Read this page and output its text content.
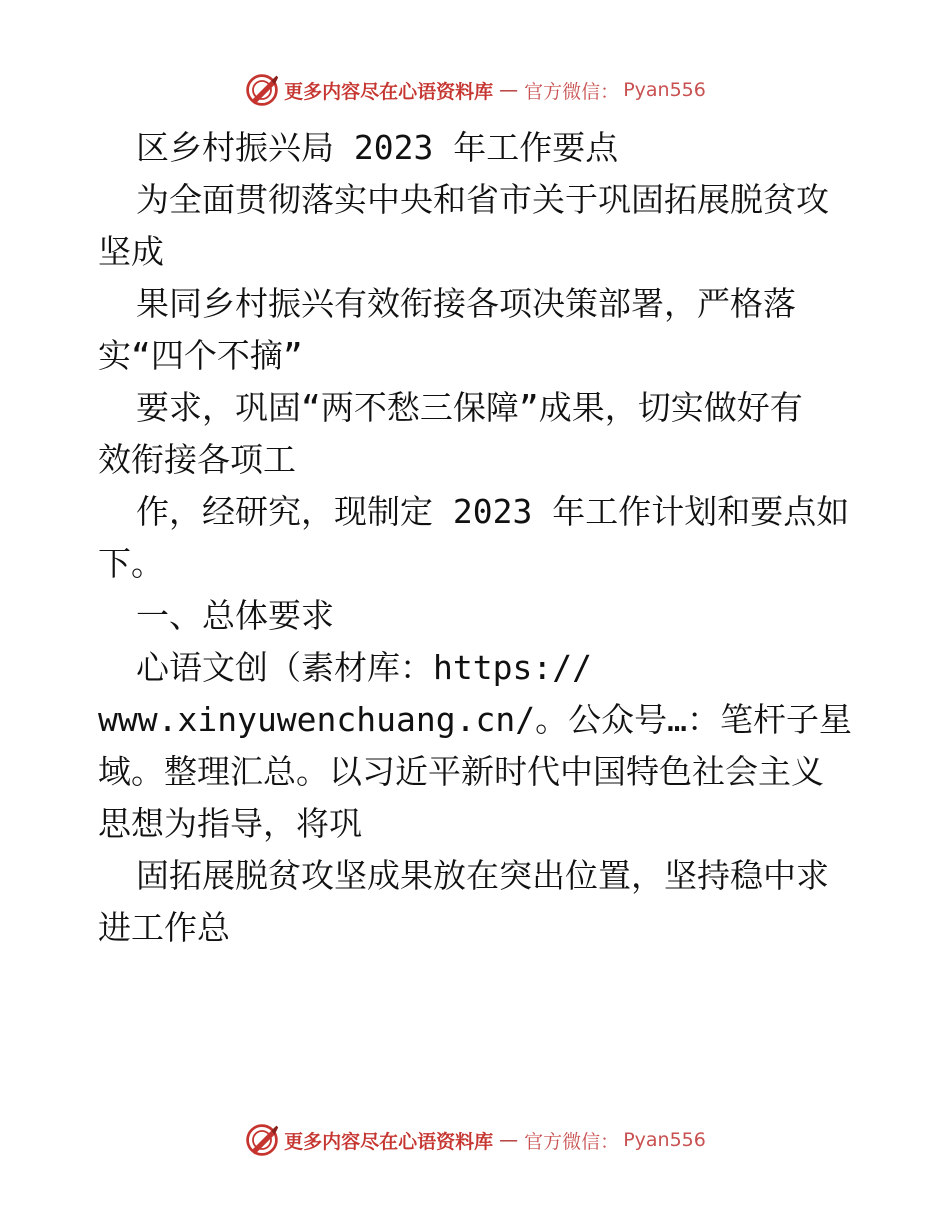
更多内容尽在心语资料库 — 官方微信： Pyan556
区乡村振兴局 2023 年工作要点
为全面贯彻落实中央和省市关于巩固拓展脱贫攻
坚成
果同乡村振兴有效衔接各项决策部署，严格落
实“四个不摘”
要求，巩固“两不愁三保障”成果，切实做好有
效衔接各项工
作，经研究，现制定 2023 年工作计划和要点如
下。
一、总体要求
心语文创（素材库：https://
www.xinyuwenchuang.cn/。公众号…：笔杆子星
域。整理汇总。以习近平新时代中国特色社会主义
思想为指导，将巩
固拓展脱贫攻坚成果放在突出位置，坚持稳中求
进工作总
更多内容尽在心语资料库 — 官方微信： Pyan556
